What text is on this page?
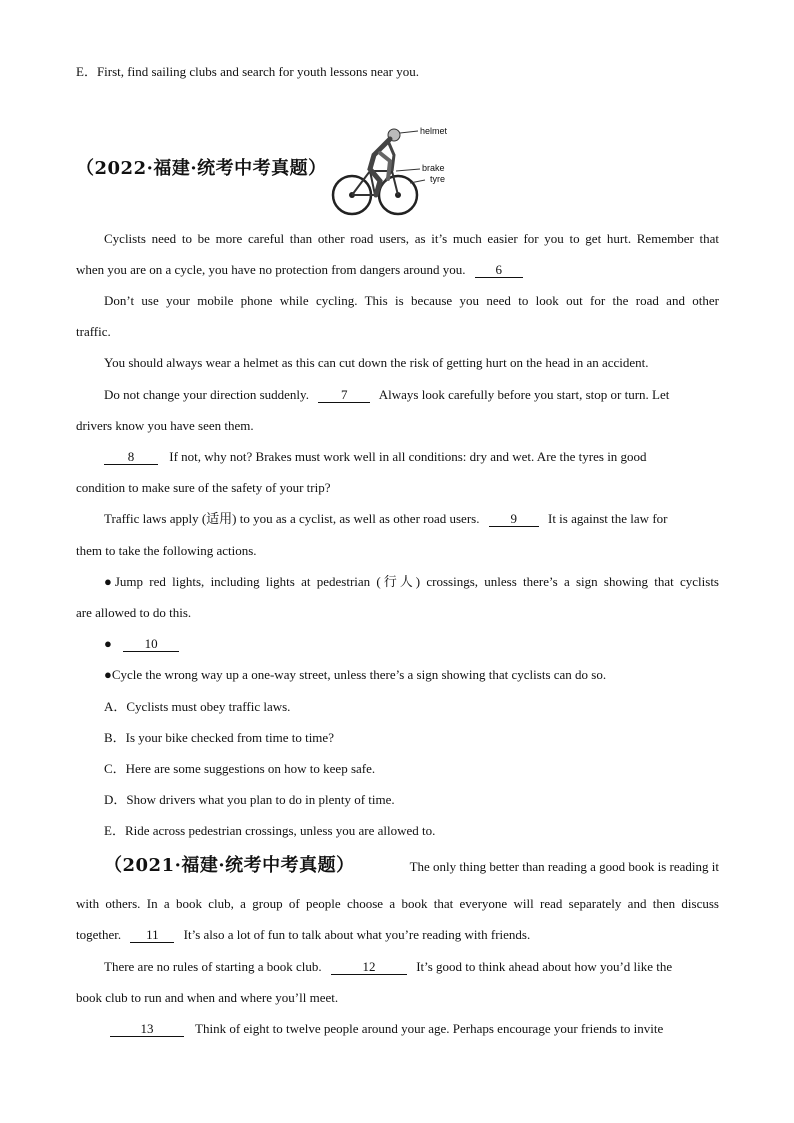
E．First, find sailing clubs and search for youth lessons near you.
（2022·福建·统考中考真题）
helmet
brake
tyre
Cyclists need to be more careful than other road users, as it’s much easier for you to get hurt. Remember that
when you are on a cycle, you have no protection from dangers around you. 6
Don’t use your mobile phone while cycling. This is because you need to look out for the road and other
traffic.
You should always wear a helmet as this can cut down the risk of getting hurt on the head in an accident.
Do not change your direction suddenly. 7 Always look carefully before you start, stop or turn. Let
drivers know you have seen them.
8	If not, why not? Brakes must work well in all conditions: dry and wet. Are the tyres in good
condition to make sure of the safety of your trip?
Traffic laws apply (适用) to you as a cyclist, as well as other road users. 9 It is against the law for
them to take the following actions.
●Jump red lights, including lights at pedestrian (行人) crossings, unless there’s a sign showing that cyclists
are allowed to do this.
●	10
●Cycle the wrong way up a one-way street, unless there’s a sign showing that cyclists can do so.
A．Cyclists must obey traffic laws.
B．Is your bike checked from time to time?
C．Here are some suggestions on how to keep safe.
D．Show drivers what you plan to do in plenty of time.
E．Ride across pedestrian crossings, unless you are allowed to.
（2021·福建·统考中考真题）	The only thing better than reading a good book is reading it
with others. In a book club, a group of people choose a book that everyone will read separately and then discuss
together. 11 It’s also a lot of fun to talk about what you’re reading with friends.
There are no rules of starting a book club.	12	It’s good to think ahead about how you’d like the
book club to run and when and where you’ll meet.
13	Think of eight to twelve people around your age. Perhaps encourage your friends to invite
